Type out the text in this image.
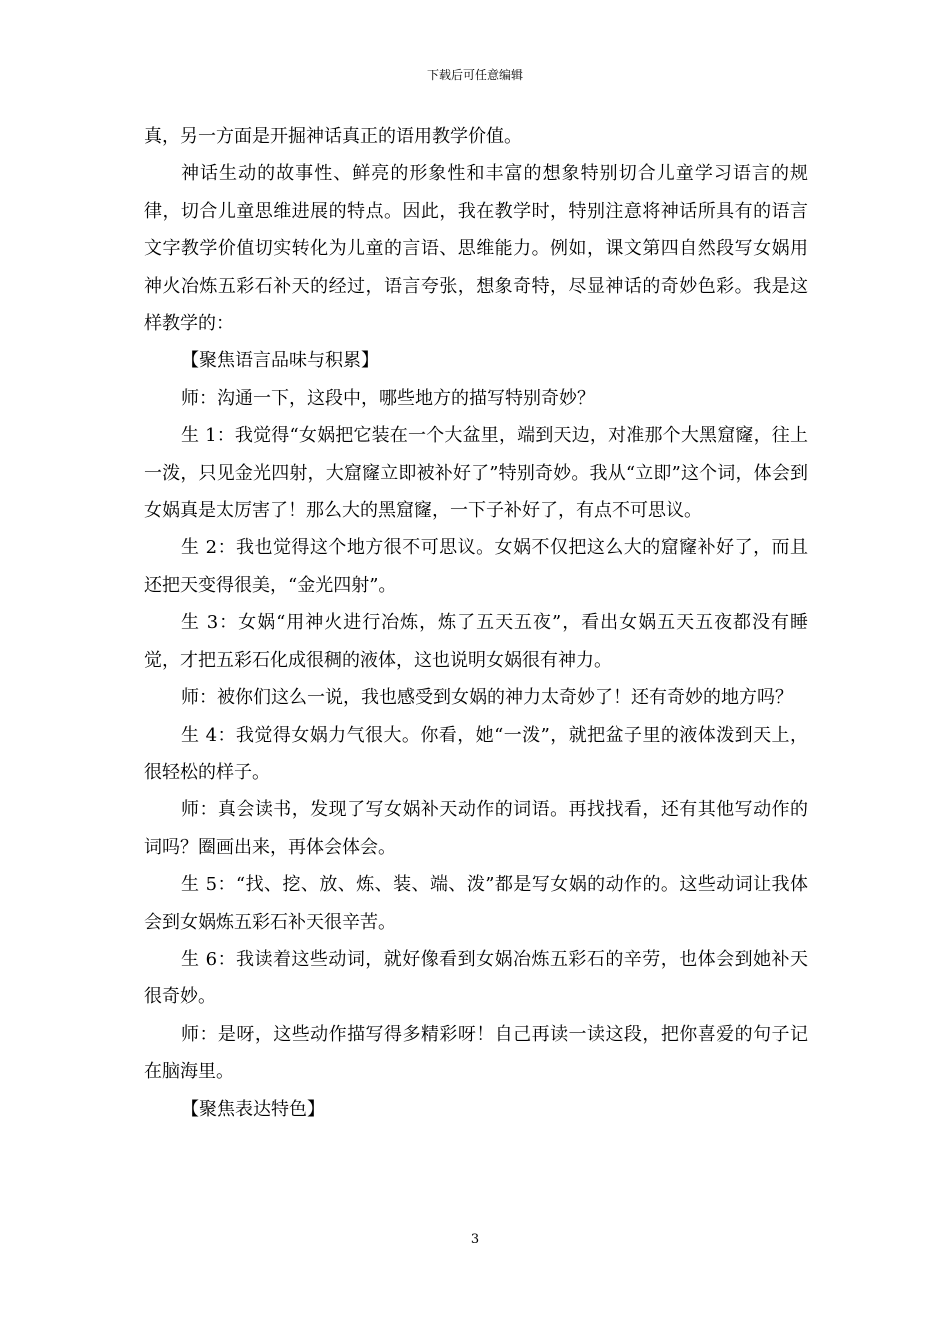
下载后可任意编辑

真，另一方面是开掘神话真正的语用教学价值。

神话生动的故事性、鲜亮的形象性和丰富的想象特别切合儿童学习语言的规律，切合儿童思维进展的特点。因此，我在教学时，特别注意将神话所具有的语言文字教学价值切实转化为儿童的言语、思维能力。例如，课文第四自然段写女娲用神火冶炼五彩石补天的经过，语言夸张，想象奇特，尽显神话的奇妙色彩。我是这样教学的：

【聚焦语言品味与积累】

师：沟通一下，这段中，哪些地方的描写特别奇妙？

生 1：我觉得“女娲把它装在一个大盆里，端到天边，对准那个大黑窟窿，往上一泼，只见金光四射，大窟窿立即被补好了”特别奇妙。我从“立即”这个词，体会到女娲真是太厉害了！那么大的黑窟窿，一下子补好了，有点不可思议。

生 2：我也觉得这个地方很不可思议。女娲不仅把这么大的窟窿补好了，而且还把天变得很美，“金光四射”。

生 3：女娲“用神火进行冶炼，炼了五天五夜”，看出女娲五天五夜都没有睡觉，才把五彩石化成很稠的液体，这也说明女娲很有神力。

师：被你们这么一说，我也感受到女娲的神力太奇妙了！还有奇妙的地方吗？

生 4：我觉得女娲力气很大。你看，她“一泼”，就把盆子里的液体泼到天上，很轻松的样子。

师：真会读书，发现了写女娲补天动作的词语。再找找看，还有其他写动作的词吗？圈画出来，再体会体会。

生 5：“找、挖、放、炼、装、端、泼”都是写女娲的动作的。这些动词让我体会到女娲炼五彩石补天很辛苦。

生 6：我读着这些动词，就好像看到女娲冶炼五彩石的辛劳，也体会到她补天很奇妙。

师：是呀，这些动作描写得多精彩呀！自己再读一读这段，把你喜爱的句子记在脑海里。

【聚焦表达特色】

3
